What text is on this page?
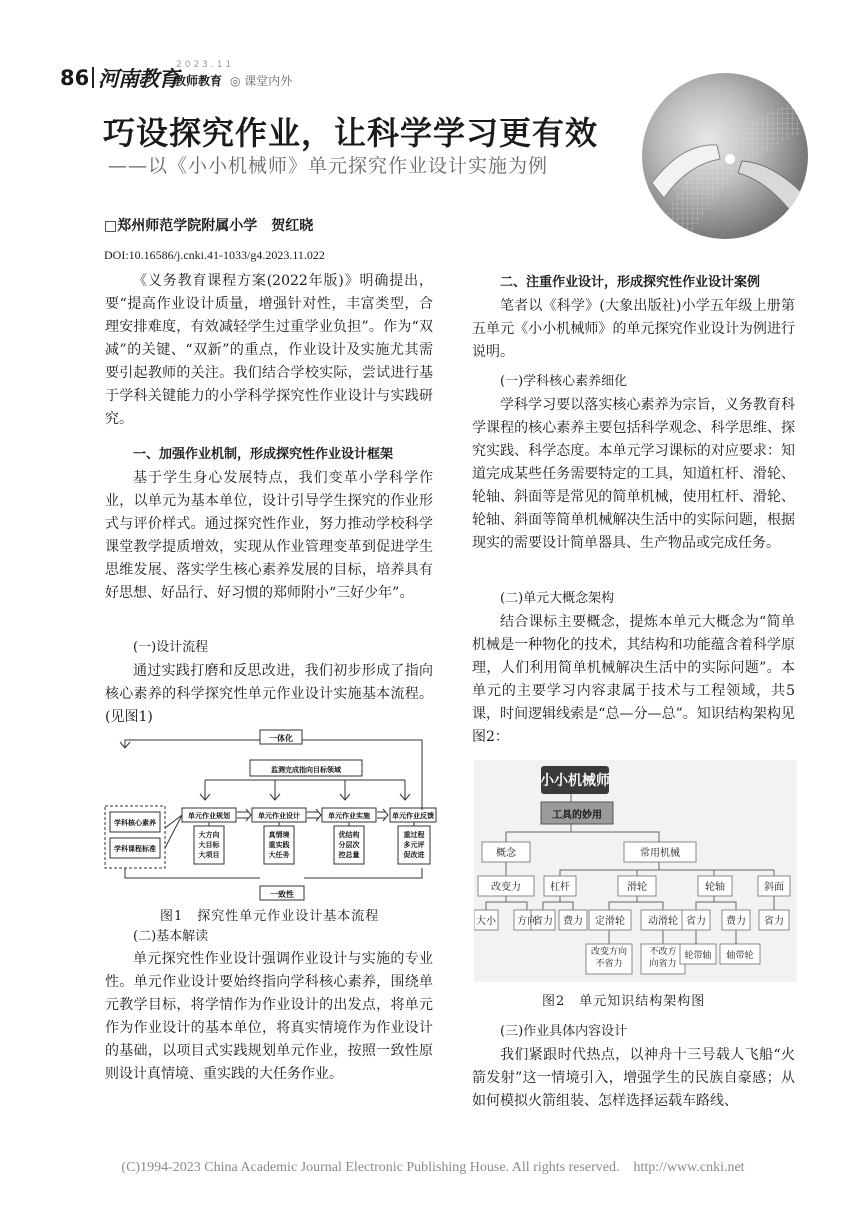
86 河南教育
2023.11
教师教育 ◎ 课堂内外
巧设探究作业，让科学学习更有效
——以《小小机械师》单元探究作业设计实施为例
□郑州师范学院附属小学　贺红晓
DOI:10.16586/j.cnki.41-1033/g4.2023.11.022
《义务教育课程方案(2022年版)》明确提出，要“提高作业设计质量，增强针对性，丰富类型，合理安排难度，有效减轻学生过重学业负担”。作为“双减”的关键、“双新”的重点，作业设计及实施尤其需要引起教师的关注。我们结合学校实际，尝试进行基于学科关键能力的小学科学探究性作业设计与实践研究。
一、加强作业机制，形成探究性作业设计框架
基于学生身心发展特点，我们变革小学科学作业，以单元为基本单位，设计引导学生探究的作业形式与评价样式。通过探究性作业，努力推动学校科学课堂教学提质增效，实现从作业管理变革到促进学生思维发展、落实学生核心素养发展的目标，培养具有好思想、好品行、好习惯的郑师附小“三好少年”。
(一)设计流程
通过实践打磨和反思改进，我们初步形成了指向核心素养的科学探究性单元作业设计实施基本流程。(见图1)
一体化
一致性
监测完成指向目标领域
学科核心素养
学科课程标准
单元作业规划	单元作业设计	单元作业实施	单元作业反馈
大方向
大目标
大项目
真情境
重实践
大任务
优结构
分层次
控总量
重过程
多元评
促改进
图1　探究性单元作业设计基本流程
(二)基本解读
单元探究性作业设计强调作业设计与实施的专业性。单元作业设计要始终指向学科核心素养，围绕单元教学目标，将学情作为作业设计的出发点，将单元作为作业设计的基本单位，将真实情境作为作业设计的基础，以项目式实践规划单元作业，按照一致性原则设计真情境、重实践的大任务作业。
二、注重作业设计，形成探究性作业设计案例
笔者以《科学》(大象出版社)小学五年级上册第五单元《小小机械师》的单元探究作业设计为例进行说明。
(一)学科核心素养细化
学科学习要以落实核心素养为宗旨，义务教育科学课程的核心素养主要包括科学观念、科学思维、探究实践、科学态度。本单元学习课标的对应要求：知道完成某些任务需要特定的工具，知道杠杆、滑轮、轮轴、斜面等是常见的简单机械，使用杠杆、滑轮、轮轴、斜面等简单机械解决生活中的实际问题，根据现实的需要设计简单器具、生产物品或完成任务。
(二)单元大概念架构
结合课标主要概念，提炼本单元大概念为“简单机械是一种物化的技术，其结构和功能蕴含着科学原理，人们利用简单机械解决生活中的实际问题”。本单元的主要学习内容隶属于技术与工程领域，共5课，时间逻辑线索是“总—分—总”。知识结构架构见图2：
小小机械师
工具的妙用
概念	常用机械
改变力	杠杆	滑轮	轮轴	斜面
大小 方向
省力 费力 定滑轮 动滑轮 省力 费力 省力
轮带轴 轴带轮
改变方向
不省力
不改方
向省力
图2　单元知识结构架构图
(三)作业具体内容设计
我们紧跟时代热点，以神舟十三号载人飞船“火箭发射”这一情境引入，增强学生的民族自豪感；从如何模拟火箭组装、怎样选择运载车路线、
(C)1994-2023 China Academic Journal Electronic Publishing House. All rights reserved.　http://www.cnki.net
